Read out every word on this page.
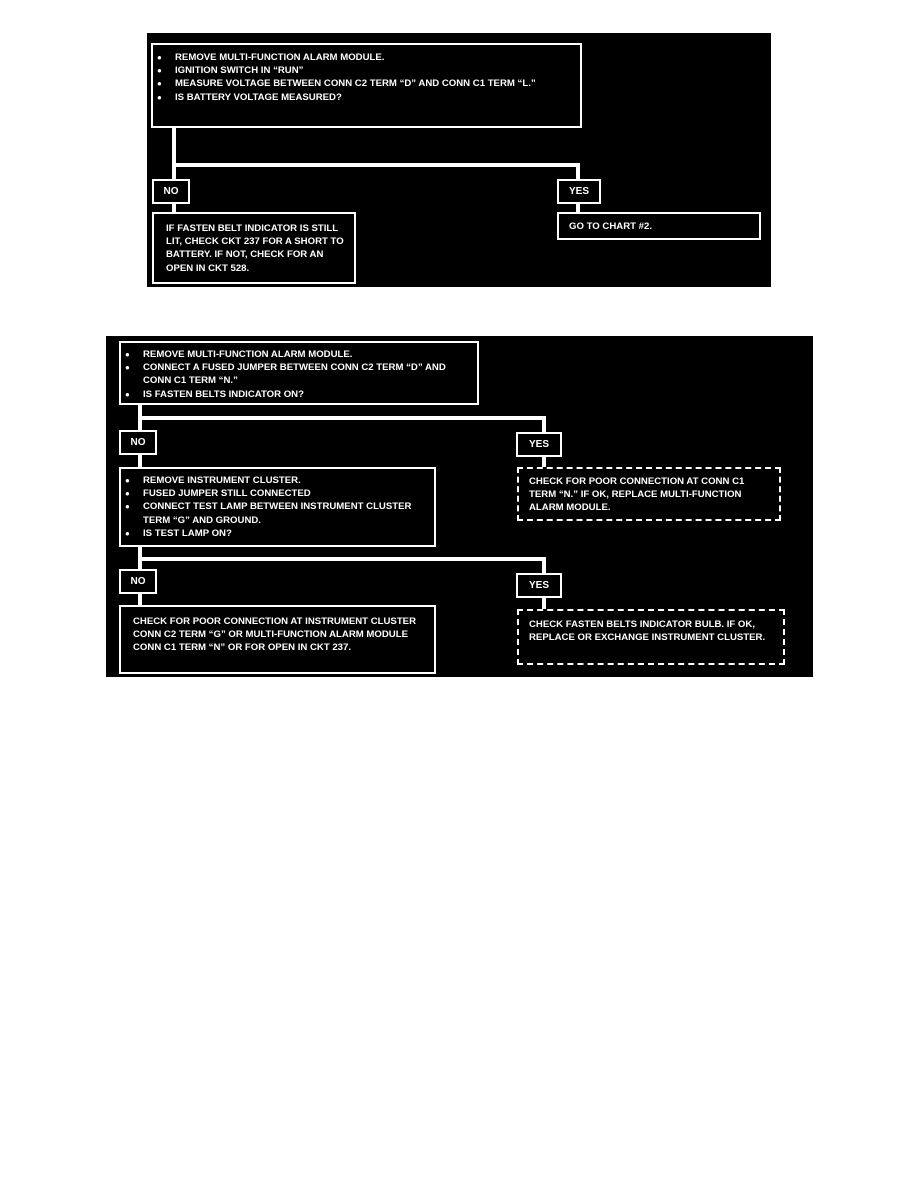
● REMOVE MULTI-FUNCTION ALARM MODULE.
● IGNITION SWITCH IN “RUN”
● MEASURE VOLTAGE BETWEEN CONN C2 TERM “D” AND CONN C1 TERM “L.”
● IS BATTERY VOLTAGE MEASURED?
NO	YES

IF FASTEN BELT INDICATOR IS STILL LIT, CHECK CKT 237 FOR A SHORT TO BATTERY. IF NOT, CHECK FOR AN OPEN IN CKT 528.

GO TO CHART #2.

● REMOVE MULTI-FUNCTION ALARM MODULE.
● CONNECT A FUSED JUMPER BETWEEN CONN C2 TERM “D” AND CONN C1 TERM “N.”
● IS FASTEN BELTS INDICATOR ON?
NO	YES

CHECK FOR POOR CONNECTION AT CONN C1 TERM “N.” IF OK, REPLACE MULTI-FUNCTION ALARM MODULE.

● REMOVE INSTRUMENT CLUSTER.
● FUSED JUMPER STILL CONNECTED
● CONNECT TEST LAMP BETWEEN INSTRUMENT CLUSTER TERM “G” AND GROUND.
● IS TEST LAMP ON?
NO	YES

CHECK FOR POOR CONNECTION AT INSTRUMENT CLUSTER CONN C2 TERM “G” OR MULTI-FUNCTION ALARM MODULE CONN C1 TERM “N” OR FOR OPEN IN CKT 237.

CHECK FASTEN BELTS INDICATOR BULB. IF OK, REPLACE OR EXCHANGE INSTRUMENT CLUSTER.
